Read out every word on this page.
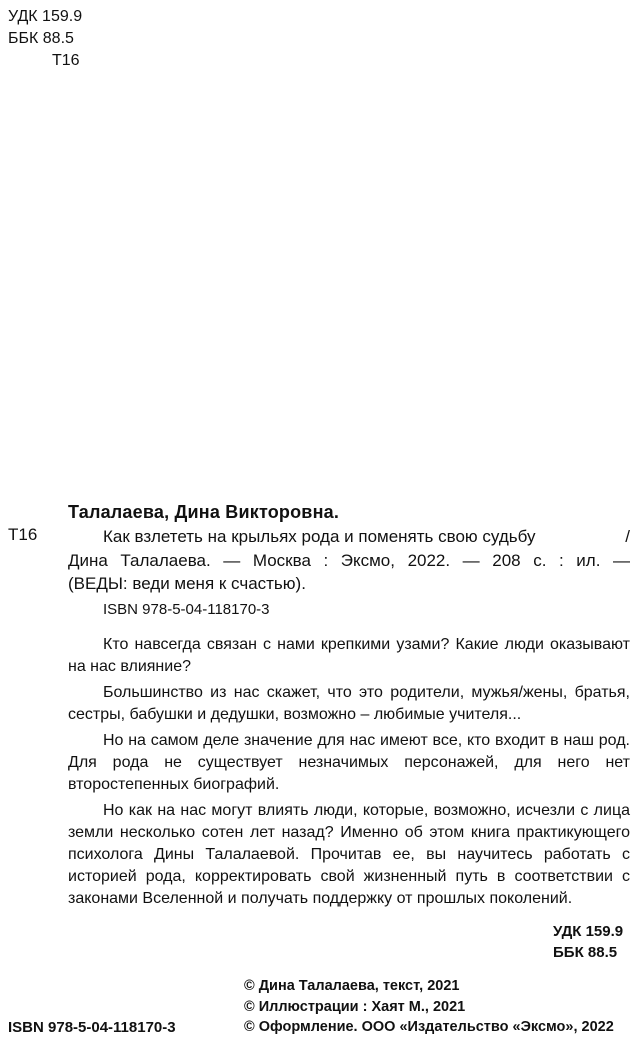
УДК 159.9
ББК 88.5
Т16
Талалаева, Дина Викторовна.
Т16	Как взлететь на крыльях рода и поменять свою судьбу	/
Дина Талалаева. — Москва : Эксмо, 2022. — 208 с. : ил. —
(ВЕДЫ: веди меня к счастью).
ISBN 978-5-04-118170-3

Кто навсегда связан с нами крепкими узами? Какие люди оказывают на нас влияние?

Большинство из нас скажет, что это родители, мужья/жены, братья, сестры, бабушки и дедушки, возможно – любимые учителя...

Но на самом деле значение для нас имеют все, кто входит в наш род. Для рода не существует незначимых персонажей, для него нет второстепенных биографий.

Но как на нас могут влиять люди, которые, возможно, исчезли с лица земли несколько сотен лет назад? Именно об этом книга практикующего психолога Дины Талалаевой. Прочитав ее, вы научитесь работать с историей рода, корректировать свой жизненный путь в соответствии с законами Вселенной и получать поддержку от прошлых поколений.

УДК 159.9
ББК 88.5
© Дина Талалаева, текст, 2021
© Иллюстрации : Хаят М., 2021
© Оформление. ООО «Издательство «Эксмо», 2022
ISBN 978-5-04-118170-3
